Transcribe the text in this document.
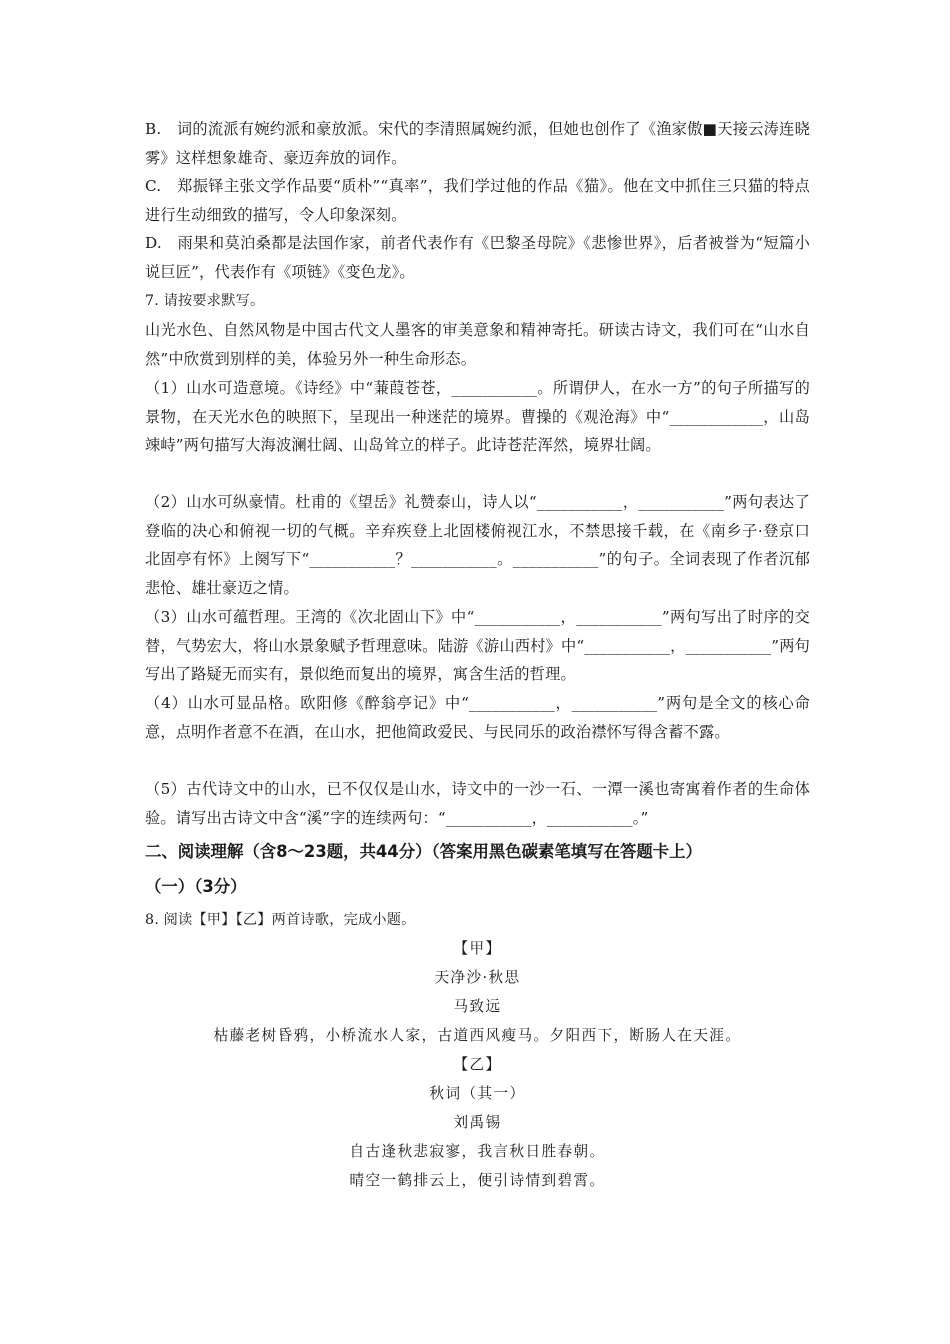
B.　词的流派有婉约派和豪放派。宋代的李清照属婉约派，但她也创作了《渔家傲■天接云涛连晓雾》这样想象雄奇、豪迈奔放的词作。
C.　郑振铎主张文学作品要“质朴”“真率”，我们学过他的作品《猫》。他在文中抓住三只猫的特点进行生动细致的描写，令人印象深刻。
D.　雨果和莫泊桑都是法国作家，前者代表作有《巴黎圣母院》《悲惨世界》，后者被誉为“短篇小说巨匠”，代表作有《项链》《变色龙》。
7. 请按要求默写。
山光水色、自然风物是中国古代文人墨客的审美意象和精神寄托。研读古诗文，我们可在“山水自然”中欣赏到别样的美，体验另外一种生命形态。
（1）山水可造意境。《诗经》中“蒹葭苍苍，___________。所谓伊人，在水一方”的句子所描写的景物，在天光水色的映照下，呈现出一种迷茫的境界。曹操的《观沧海》中“____________，山岛竦峙”两句描写大海波澜壮阔、山岛耸立的样子。此诗苍茫浑然，境界壮阔。
（2）山水可纵豪情。杜甫的《望岳》礼赞泰山，诗人以“___________，___________”两句表达了登临的决心和俯视一切的气概。辛弃疾登上北固楼俯视江水，不禁思接千载，在《南乡子·登京口北固亭有怀》上阕写下“___________？___________。___________”的句子。全词表现了作者沉郁悲怆、雄壮豪迈之情。
（3）山水可蕴哲理。王湾的《次北固山下》中“___________，___________”两句写出了时序的交替，气势宏大，将山水景象赋予哲理意味。陆游《游山西村》中“___________，___________”两句写出了路疑无而实有，景似绝而复出的境界，寓含生活的哲理。
（4）山水可显品格。欧阳修《醉翁亭记》中“___________，___________”两句是全文的核心命意，点明作者意不在酒，在山水，把他简政爱民、与民同乐的政治襟怀写得含蓄不露。
（5）古代诗文中的山水，已不仅仅是山水，诗文中的一沙一石、一潭一溪也寄寓着作者的生命体验。请写出古诗文中含“溪”字的连续两句：“___________，___________。”
二、阅读理解（含8～23题，共44分）（答案用黑色碳素笔填写在答题卡上）
（一）（3分）
8. 阅读【甲】【乙】两首诗歌，完成小题。
【甲】
天净沙·秋思
马致远
枯藤老树昏鸦，小桥流水人家，古道西风瘦马。夕阳西下，断肠人在天涯。
【乙】
秋词（其一）
刘禹锡
自古逢秋悲寂寥，我言秋日胜春朝。
晴空一鹤排云上，便引诗情到碧霄。
